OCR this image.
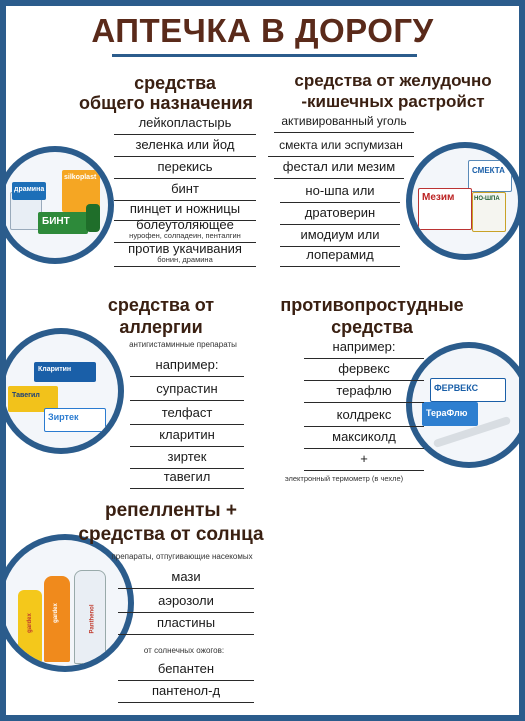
АПТЕЧКА В ДОРОГУ
драмина
silkoplast
БИНТ
средства
общего назначения
лейкопластырь
зеленка или йод
перекись
бинт
пинцет и ножницы
болеутоляющее
нурофен, солпадеин, пенталгин
против укачивания
бонин, драмина
СМЕКТА
Мезим	НО-ШПА
средства от желудочно
-кишечных растройст
активированный уголь
смекта или эспумизан
фестал или мезим
но-шпа или
дратоверин
имодиум или
лоперамид
Кларитин
Тавегил
Зиртек
средства от
аллергии
антигистаминные препараты
например:
супрастин
телфаст
кларитин
зиртек
тавегил
ФЕРВЕКС
ТераФлю
противопростудные
средства
например:
фервекс
терафлю
колдрекс
максиколд
+
электронный термометр (в чехле)
gardex
gardex	Panthenol
репелленты +
средства от солнца
препараты, отпугивающие насекомых
мази
аэрозоли
пластины
от солнечных ожогов:
бепантен
пантенол-д
